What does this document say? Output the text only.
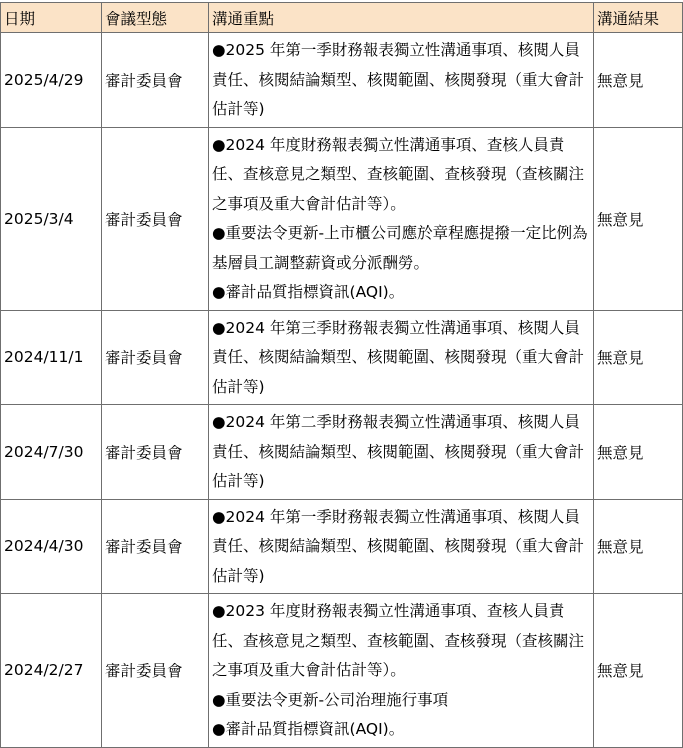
日期	會議型態	溝通重點	溝通結果
2025/4/29	審計委員會	●2025 年第一季財務報表獨立性溝通事項、核閱人員責任、核閱結論類型、核閱範圍、核閱發現（重大會計估計等)	無意見
2025/3/4	審計委員會	●2024 年度財務報表獨立性溝通事項、查核人員責任、查核意見之類型、查核範圍、查核發現（查核關注之事項及重大會計估計等）。
●重要法令更新-上市櫃公司應於章程應提撥一定比例為基層員工調整薪資或分派酬勞。
●審計品質指標資訊(AQI)。	無意見
2024/11/1	審計委員會	●2024 年第三季財務報表獨立性溝通事項、核閱人員責任、核閱結論類型、核閱範圍、核閱發現（重大會計估計等)	無意見
2024/7/30	審計委員會	●2024 年第二季財務報表獨立性溝通事項、核閱人員責任、核閱結論類型、核閱範圍、核閱發現（重大會計估計等)	無意見
2024/4/30	審計委員會	●2024 年第一季財務報表獨立性溝通事項、核閱人員責任、核閱結論類型、核閱範圍、核閱發現（重大會計估計等)	無意見
2024/2/27	審計委員會	●2023 年度財務報表獨立性溝通事項、查核人員責任、查核意見之類型、查核範圍、查核發現（查核關注之事項及重大會計估計等）。
●重要法令更新-公司治理施行事項
●審計品質指標資訊(AQI)。	無意見
